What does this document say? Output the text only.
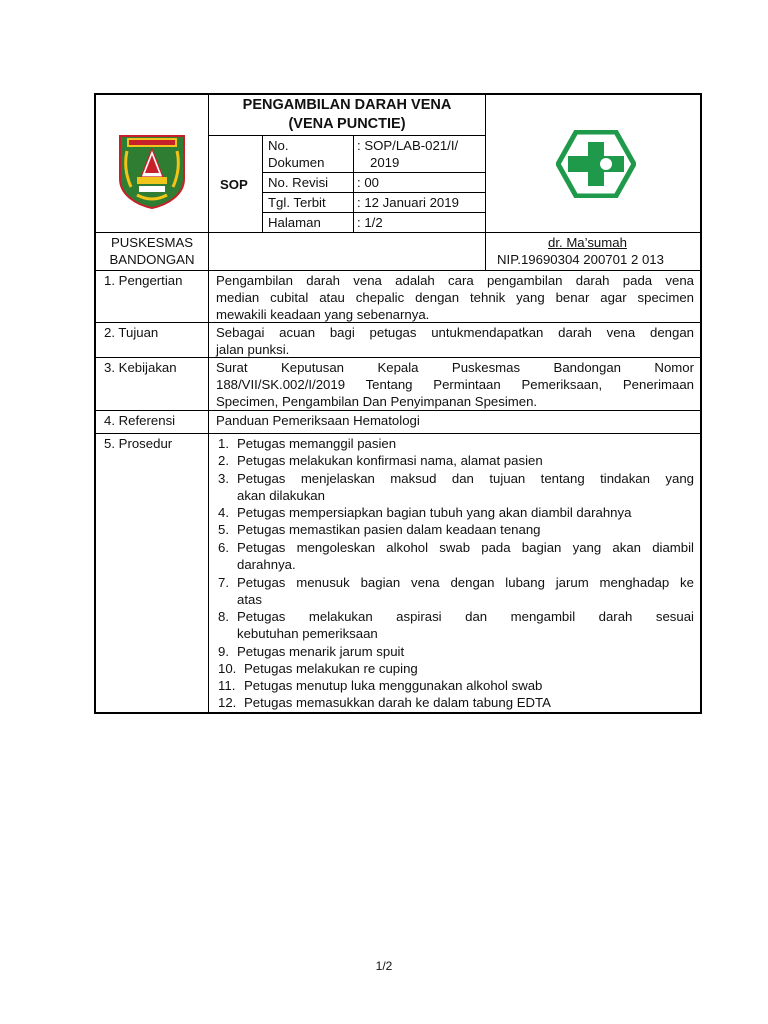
PENGAMBILAN DARAH VENA
(VENA PUNCTIE)
SOP
No.
Dokumen
: SOP/LAB-021/I/
2019
No. Revisi : 00
Tgl. Terbit : 12 Januari 2019
Halaman	: 1/2
PUSKESMAS
BANDONGAN
dr. Ma’sumah
NIP.19690304 200701 2 013
1. Pengertian
2. Tujuan
3. Kebijakan
4. Referensi
5. Prosedur
Pengambilan darah vena adalah cara pengambilan darah pada vena
median cubital atau chepalic dengan tehnik yang benar agar specimen
mewakili keadaan yang sebenarnya.
Sebagai acuan bagi petugas untukmendapatkan darah vena dengan
jalan punksi.
Surat Keputusan Kepala Puskesmas Bandongan Nomor
188/VII/SK.002/I/2019 Tentang Permintaan Pemeriksaan, Penerimaan
Specimen, Pengambilan Dan Penyimpanan Spesimen.
Panduan Pemeriksaan Hematologi
1. Petugas memanggil pasien
2. Petugas melakukan konfirmasi nama, alamat pasien
3. Petugas menjelaskan maksud dan tujuan tentang tindakan yang
akan dilakukan
4. Petugas mempersiapkan bagian tubuh yang akan diambil darahnya
5. Petugas memastikan pasien dalam keadaan tenang
6. Petugas mengoleskan alkohol swab pada bagian yang akan diambil
darahnya.
7. Petugas menusuk bagian vena dengan lubang jarum menghadap ke
atas
8. Petugas melakukan aspirasi dan mengambil darah sesuai
kebutuhan pemeriksaan
9. Petugas menarik jarum spuit
10. Petugas melakukan re cuping
11. Petugas menutup luka menggunakan alkohol swab
12. Petugas memasukkan darah ke dalam tabung EDTA
1/2
